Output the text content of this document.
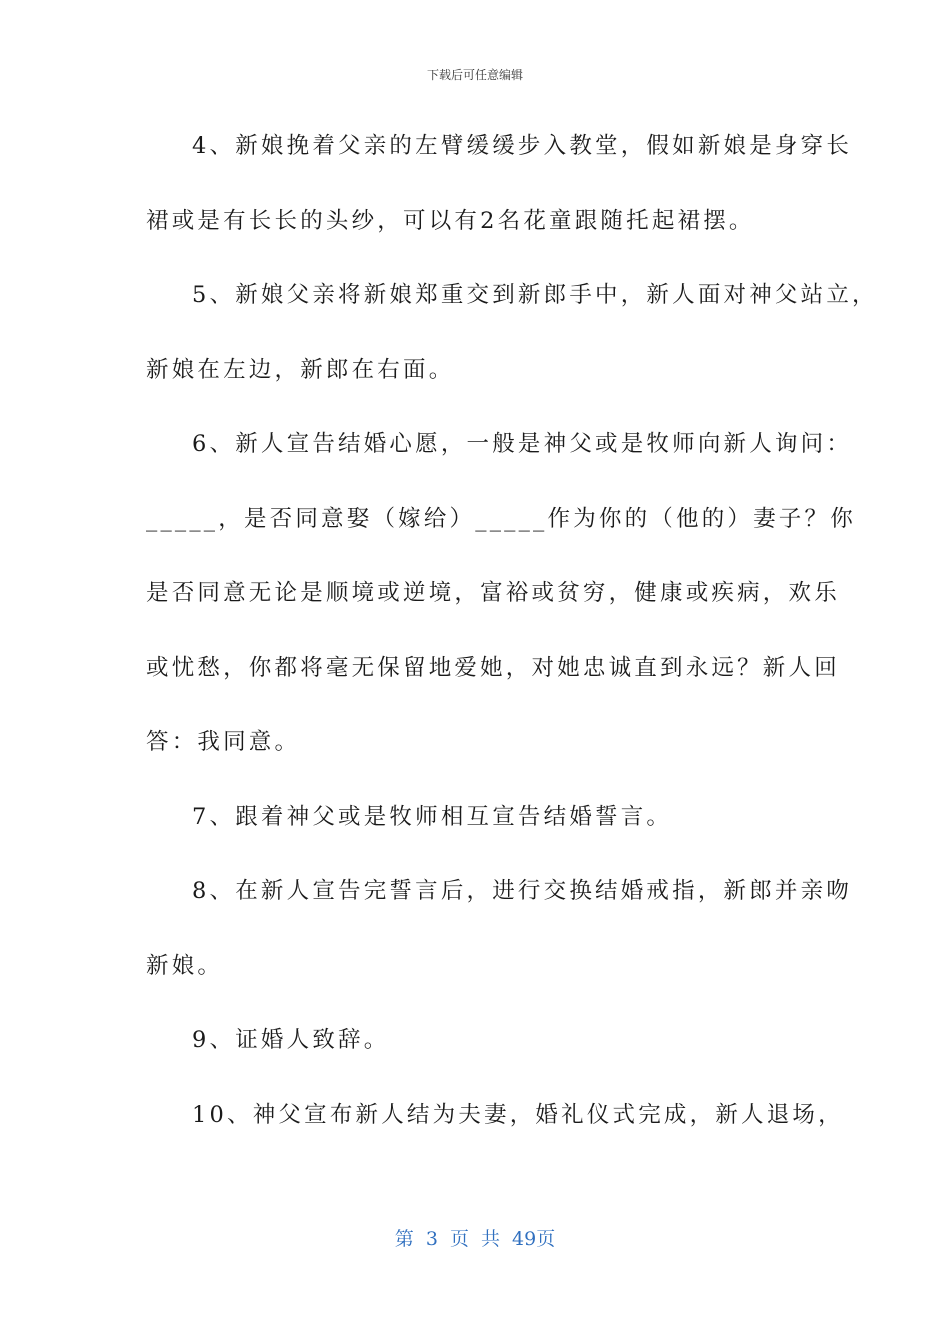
下载后可任意编辑
4、新娘挽着父亲的左臂缓缓步入教堂，假如新娘是身穿长
裙或是有长长的头纱，可以有2名花童跟随托起裙摆。
5、新娘父亲将新娘郑重交到新郎手中，新人面对神父站立，
新娘在左边，新郎在右面。
6、新人宣告结婚心愿，一般是神父或是牧师向新人询问：
_____，是否同意娶（嫁给）_____作为你的（他的）妻子？你
是否同意无论是顺境或逆境，富裕或贫穷，健康或疾病，欢乐
或忧愁，你都将毫无保留地爱她，对她忠诚直到永远？新人回
答：我同意。
7、跟着神父或是牧师相互宣告结婚誓言。
8、在新人宣告完誓言后，进行交换结婚戒指，新郎并亲吻
新娘。
9、证婚人致辞。
10、神父宣布新人结为夫妻，婚礼仪式完成，新人退场，
第 3 页 共 49页
